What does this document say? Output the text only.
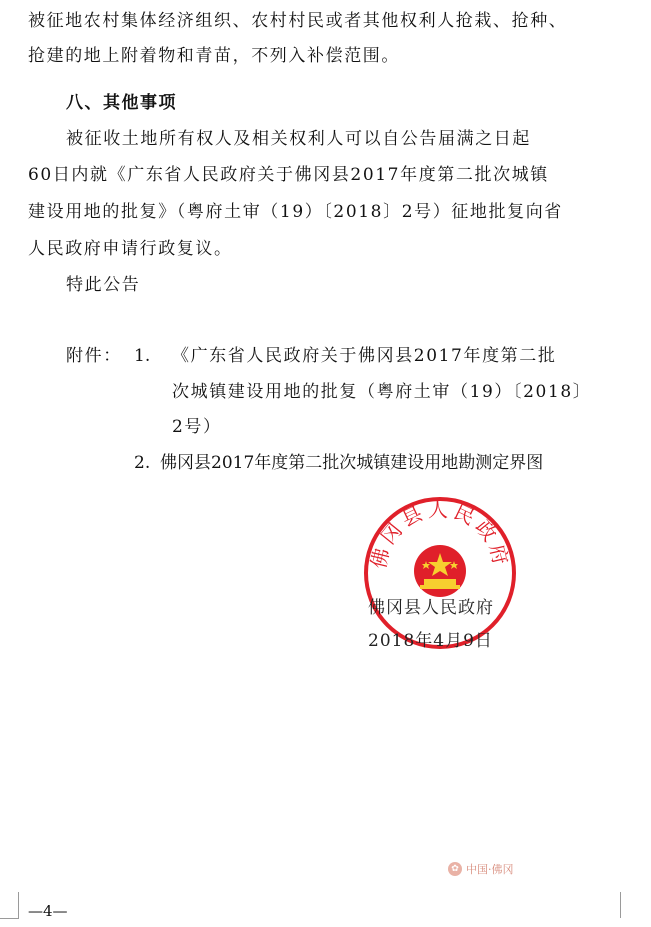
被征地农村集体经济组织、农村村民或者其他权利人抢栽、抢种、
抢建的地上附着物和青苗，不列入补偿范围。
八、其他事项
被征收土地所有权人及相关权利人可以自公告届满之日起
60日内就《广东省人民政府关于佛冈县2017年度第二批次城镇
建设用地的批复》（粤府土审（19）〔2018〕2号）征地批复向省
人民政府申请行政复议。
特此公告
附件： 1. 《广东省人民政府关于佛冈县2017年度第二批
次城镇建设用地的批复（粤府土审（19）〔2018〕
2号）
2. 佛冈县2017年度第二批次城镇建设用地勘测定界图
佛冈县人民政府
佛冈县人民政府
2018年4月9日
✿ 中国·佛冈
—4—
